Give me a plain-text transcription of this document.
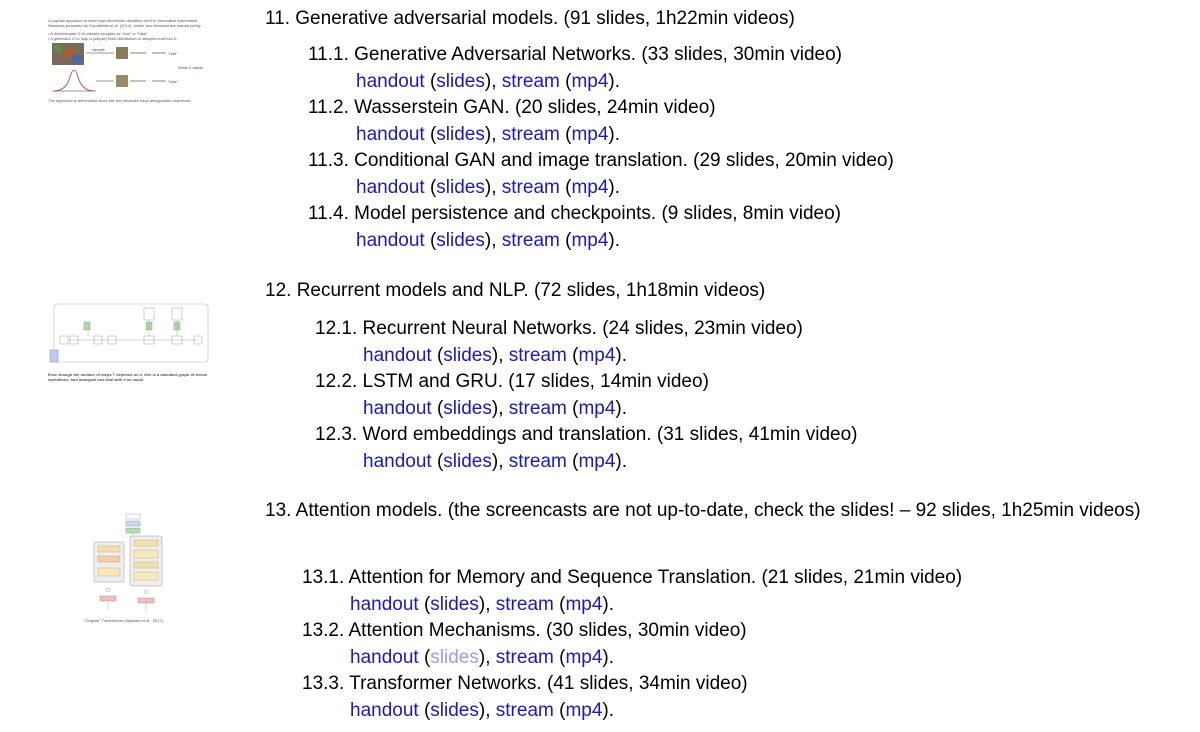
A popular approach to learn high-dimension densities are the Generative Adversarial Networks proposed by Goodfellow et al. (2014), where two networks are trained jointly:
• A discriminator D to classify samples as "real" or "fake",
• a generator G to map a [simple] fixed distribution to samples that fool D.
sample
"real"
"fake"
What D wants
The approach is adversarial since the two networks have antagonistic objectives.
11. Generative adversarial models. (91 slides, 1h22min videos)
11.1. Generative Adversarial Networks. (33 slides, 30min video)
handout (slides), stream (mp4).
11.2. Wasserstein GAN. (20 slides, 24min video)
handout (slides), stream (mp4).
11.3. Conditional GAN and image translation. (29 slides, 20min video)
handout (slides), stream (mp4).
11.4. Model persistence and checkpoints. (9 slides, 8min video)
handout (slides), stream (mp4).
Even though the number of steps T depends on x, this is a standard graph of tensor operations, and autograd can deal with it as usual.
12. Recurrent models and NLP. (72 slides, 1h18min videos)
12.1. Recurrent Neural Networks. (24 slides, 23min video)
handout (slides), stream (mp4).
12.2. LSTM and GRU. (17 slides, 14min video)
handout (slides), stream (mp4).
12.3. Word embeddings and translation. (31 slides, 41min video)
handout (slides), stream (mp4).
"Original" Transformer (Vaswani et al., 2017).
13. Attention models. (the screencasts are not up-to-date, check the slides! – 92 slides, 1h25min videos)
13.1. Attention for Memory and Sequence Translation. (21 slides, 21min video)
handout (slides), stream (mp4).
13.2. Attention Mechanisms. (30 slides, 30min video)
handout (slides), stream (mp4).
13.3. Transformer Networks. (41 slides, 34min video)
handout (slides), stream (mp4).
